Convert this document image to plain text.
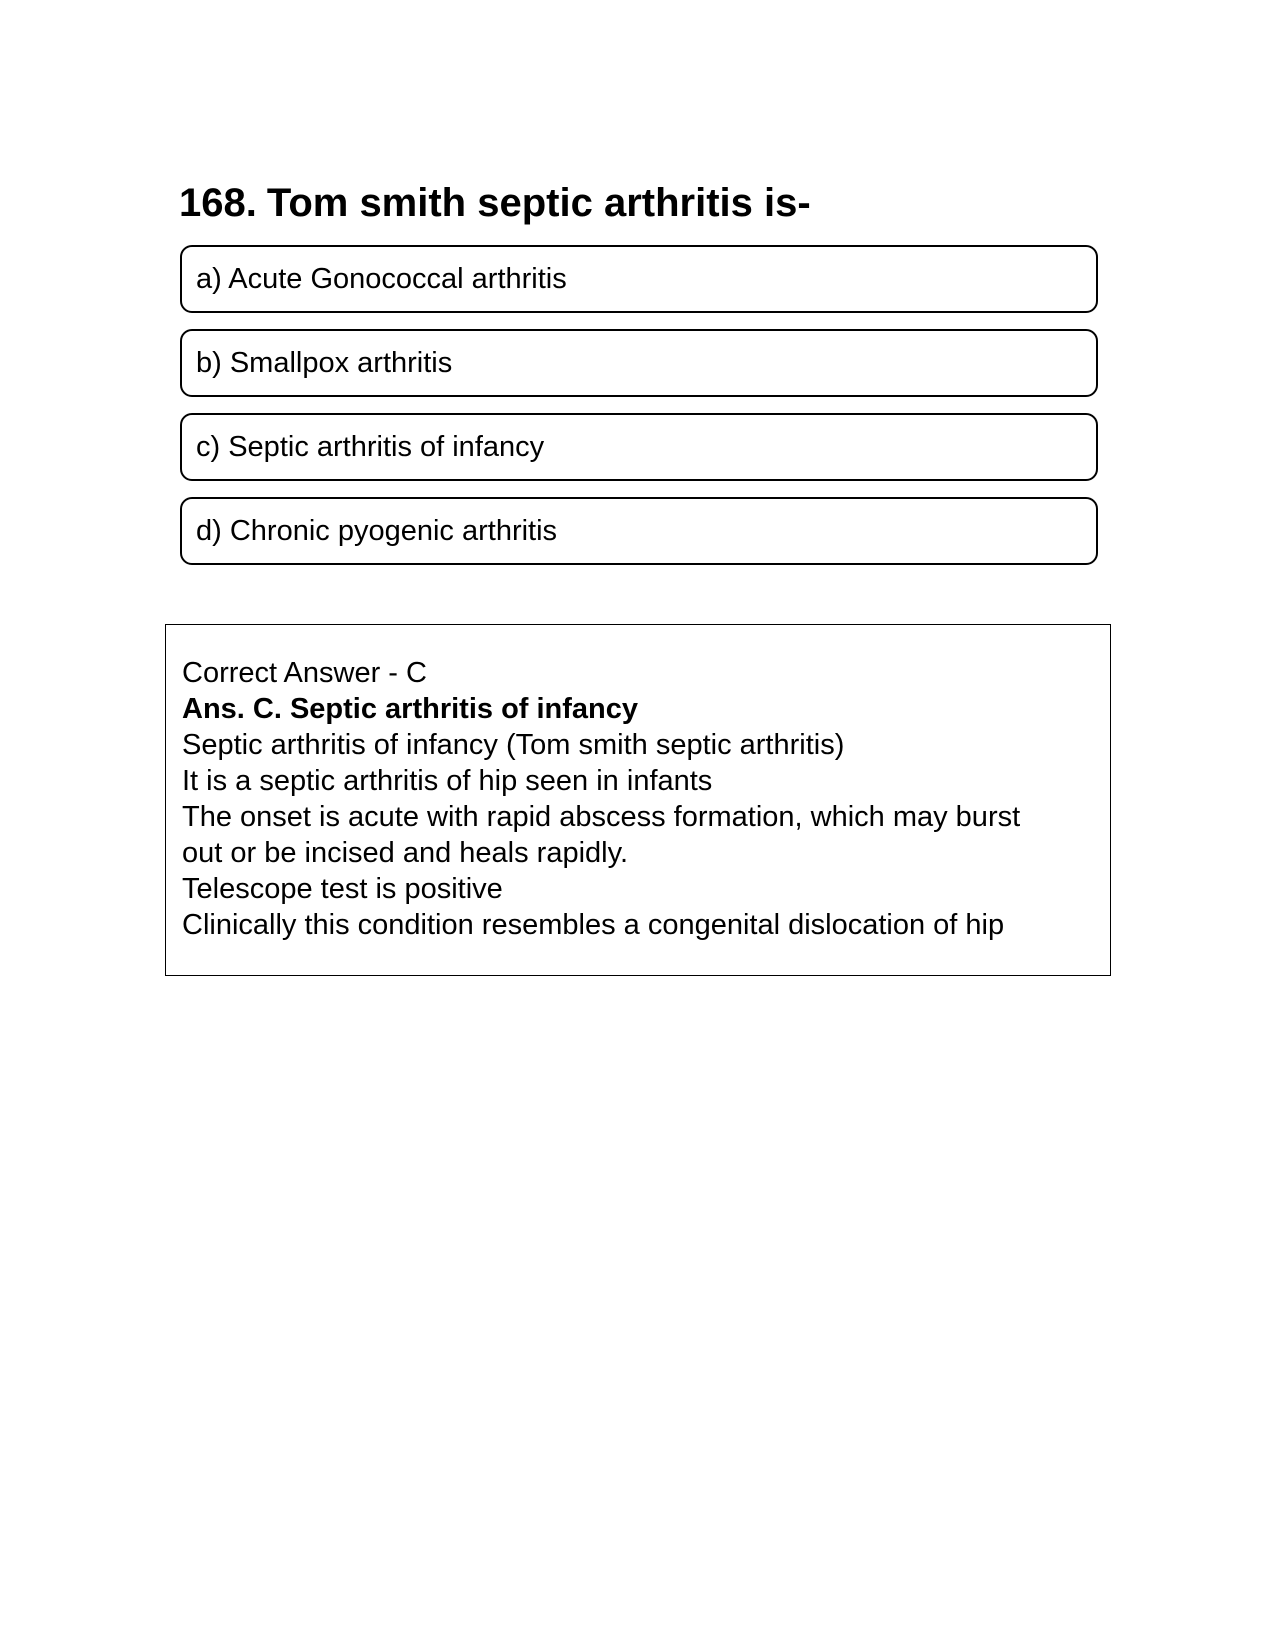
168. Tom smith septic arthritis is-
a) Acute Gonococcal arthritis
b) Smallpox arthritis
c) Septic arthritis of infancy
d) Chronic pyogenic arthritis
Correct Answer - C
Ans. C. Septic arthritis of infancy
Septic arthritis of infancy (Tom smith septic arthritis)
It is a septic arthritis of hip seen in infants
The onset is acute with rapid abscess formation, which may burst out or be incised and heals rapidly.
Telescope test is positive
Clinically this condition resembles a congenital dislocation of hip
